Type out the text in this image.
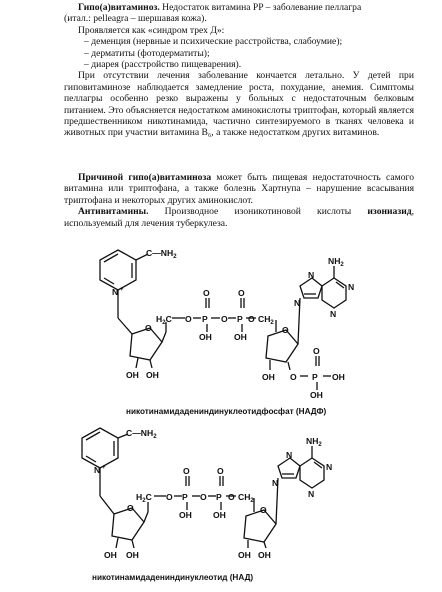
Гипо(а)витаминоз. Недостаток витамина PP – заболевание пеллагра

(итал.: pelleagra – шершавая кожа).

Проявляется как «синдром трех Д»:

– деменция (нервные и психические расстройства, слабоумие);

– дерматиты (фотодерматиты);

– диарея (расстройство пищеварения).

При отсутствии лечения заболевание кончается летально. У детей при гиповитаминозе наблюдается замедление роста, похудание, анемия. Симптомы пеллагры особенно резко выражены у больных с недостаточным белковым питанием. Это объясняется недостатком аминокислоты триптофан, который является предшественником никотинамида, частично синтезируемого в тканях человека и животных при участии витамина B₆, а также недостатком других витаминов.

Причиной гипо(а)витаминоза может быть пищевая недостаточность самого витамина или триптофана, а также болезнь Хартнупа – нарушение всасывания триптофана и некоторых других аминокислот.

Антивитамины. Производное изоникотиновой кислоты изониазид, используемый для лечения туберкулеза.

$C—NH_2$
N +
O
$H_2C$ O P
O
OH
O P
O
OH
O $CH_2$
O
OH OH	OH O P
O
OH
OH
$NH_2$
N
N
N
N
никотинамидадениндинуклеотидфосфат (НАДФ)
$C—NH_2$
N +
O
$H_2C$ O P
O
OH
O P
O
OH
O $CH_2$
O
OH OH	OH OH
$NH_2$
N
N
N
N
никотинамидадениндинуклеотид (НАД)
